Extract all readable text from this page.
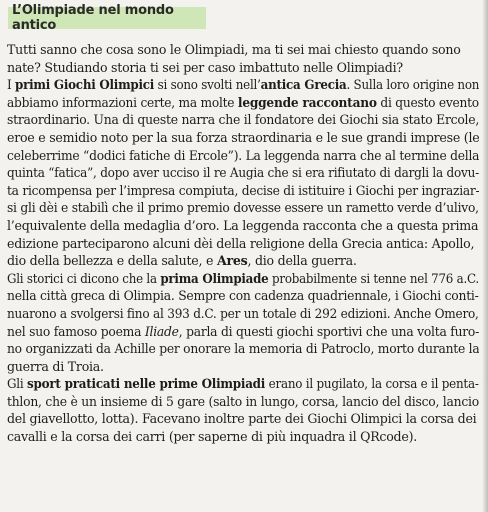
L’Olimpiade nel mondo antico

Tutti sanno che cosa sono le Olimpiadi, ma ti sei mai chiesto quando sono

nate? Studiando storia ti sei per caso imbattuto nelle Olimpiadi?

I primi Giochi Olimpici si sono svolti nell’antica Grecia. Sulla loro origine non

abbiamo informazioni certe, ma molte leggende raccontano di questo evento

straordinario. Una di queste narra che il fondatore dei Giochi sia stato Ercole,

eroe e semidio noto per la sua forza straordinaria e le sue grandi imprese (le

celeberrime “dodici fatiche di Ercole”). La leggenda narra che al termine della

quinta “fatica”, dopo aver ucciso il re Augia che si era rifiutato di dargli la dovu-

ta ricompensa per l’impresa compiuta, decise di istituire i Giochi per ingraziar-

si gli dèi e stabilì che il primo premio dovesse essere un rametto verde d’ulivo,

l’equivalente della medaglia d’oro. La leggenda racconta che a questa prima

edizione parteciparono alcuni dèi della religione della Grecia antica: Apollo,

dio della bellezza e della salute, e Ares, dio della guerra.

Gli storici ci dicono che la prima Olimpiade probabilmente si tenne nel 776 a.C.

nella città greca di Olimpia. Sempre con cadenza quadriennale, i Giochi conti-

nuarono a svolgersi fino al 393 d.C. per un totale di 292 edizioni. Anche Omero,

nel suo famoso poema Iliade, parla di questi giochi sportivi che una volta furo-

no organizzati da Achille per onorare la memoria di Patroclo, morto durante la

guerra di Troia.

Gli sport praticati nelle prime Olimpiadi erano il pugilato, la corsa e il penta-

thlon, che è un insieme di 5 gare (salto in lungo, corsa, lancio del disco, lancio

del giavellotto, lotta). Facevano inoltre parte dei Giochi Olimpici la corsa dei

cavalli e la corsa dei carri (per saperne di più inquadra il QRcode).
